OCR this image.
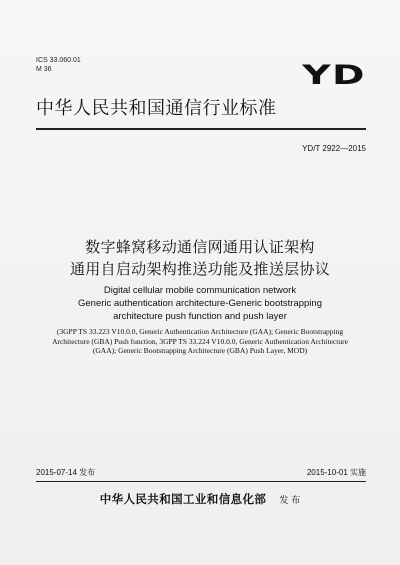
ICS 33.060.01
M 36	YD
中华人民共和国通信行业标准
YD/T 2922—2015
数字蜂窝移动通信网通用认证架构
通用自启动架构推送功能及推送层协议
Digital cellular mobile communication network
Generic authentication architecture-Generic bootstrapping
architecture push function and push layer
(3GPP TS 33.223 V10.0.0, Generic Authentication Architecture (GAA); Generic Bootstrapping Architecture (GBA) Push function, 3GPP TS 33.224 V10.0.0, Generic Authentication Architecture (GAA); Generic Bootstrapping Architecture (GBA) Push Layer, MOD)
2015-07-14 发布	2015-10-01 实施
中华人民共和国工业和信息化部 发 布
